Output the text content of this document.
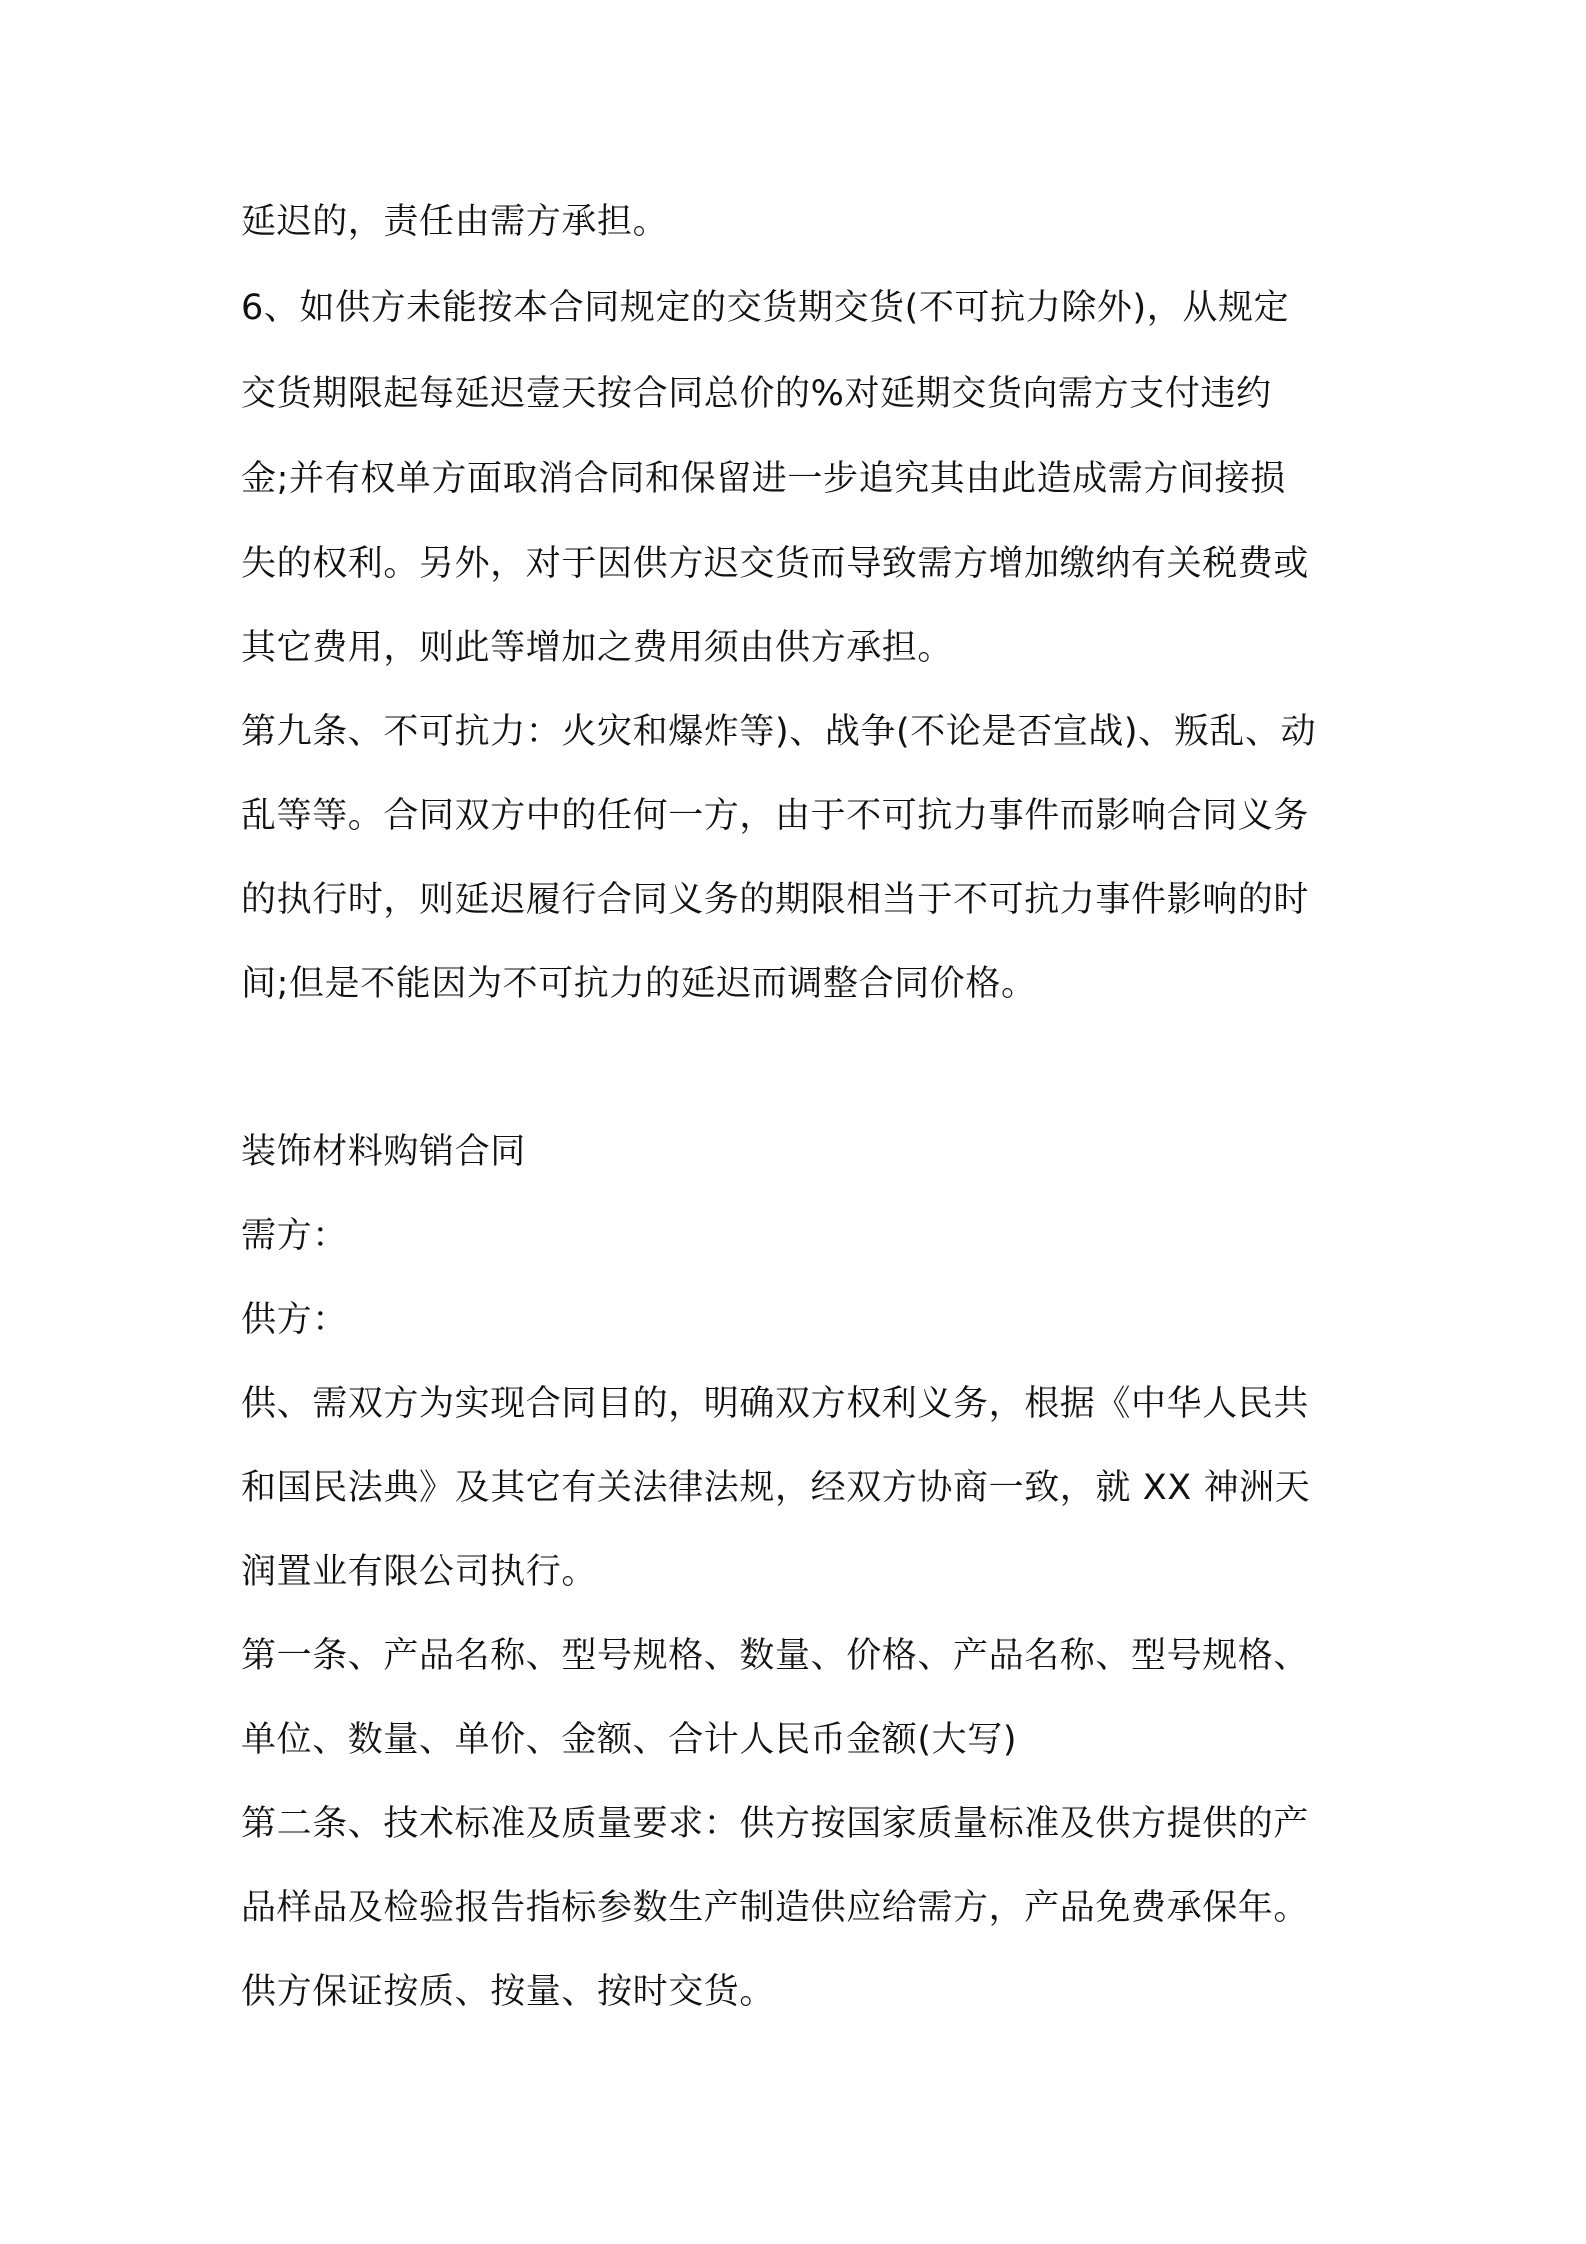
延迟的，责任由需方承担。

6、如供方未能按本合同规定的交货期交货(不可抗力除外)，从规定

交货期限起每延迟壹天按合同总价的%对延期交货向需方支付违约

金;并有权单方面取消合同和保留进一步追究其由此造成需方间接损

失的权利。另外，对于因供方迟交货而导致需方增加缴纳有关税费或

其它费用，则此等增加之费用须由供方承担。

第九条、不可抗力：火灾和爆炸等)、战争(不论是否宣战)、叛乱、动

乱等等。合同双方中的任何一方，由于不可抗力事件而影响合同义务

的执行时，则延迟履行合同义务的期限相当于不可抗力事件影响的时

间;但是不能因为不可抗力的延迟而调整合同价格。

装饰材料购销合同

需方：

供方：

供、需双方为实现合同目的，明确双方权利义务，根据《中华人民共

和国民法典》及其它有关法律法规，经双方协商一致，就 XX 神洲天

润置业有限公司执行。

第一条、产品名称、型号规格、数量、价格、产品名称、型号规格、

单位、数量、单价、金额、合计人民币金额(大写)

第二条、技术标准及质量要求：供方按国家质量标准及供方提供的产

品样品及检验报告指标参数生产制造供应给需方，产品免费承保年。

供方保证按质、按量、按时交货。
